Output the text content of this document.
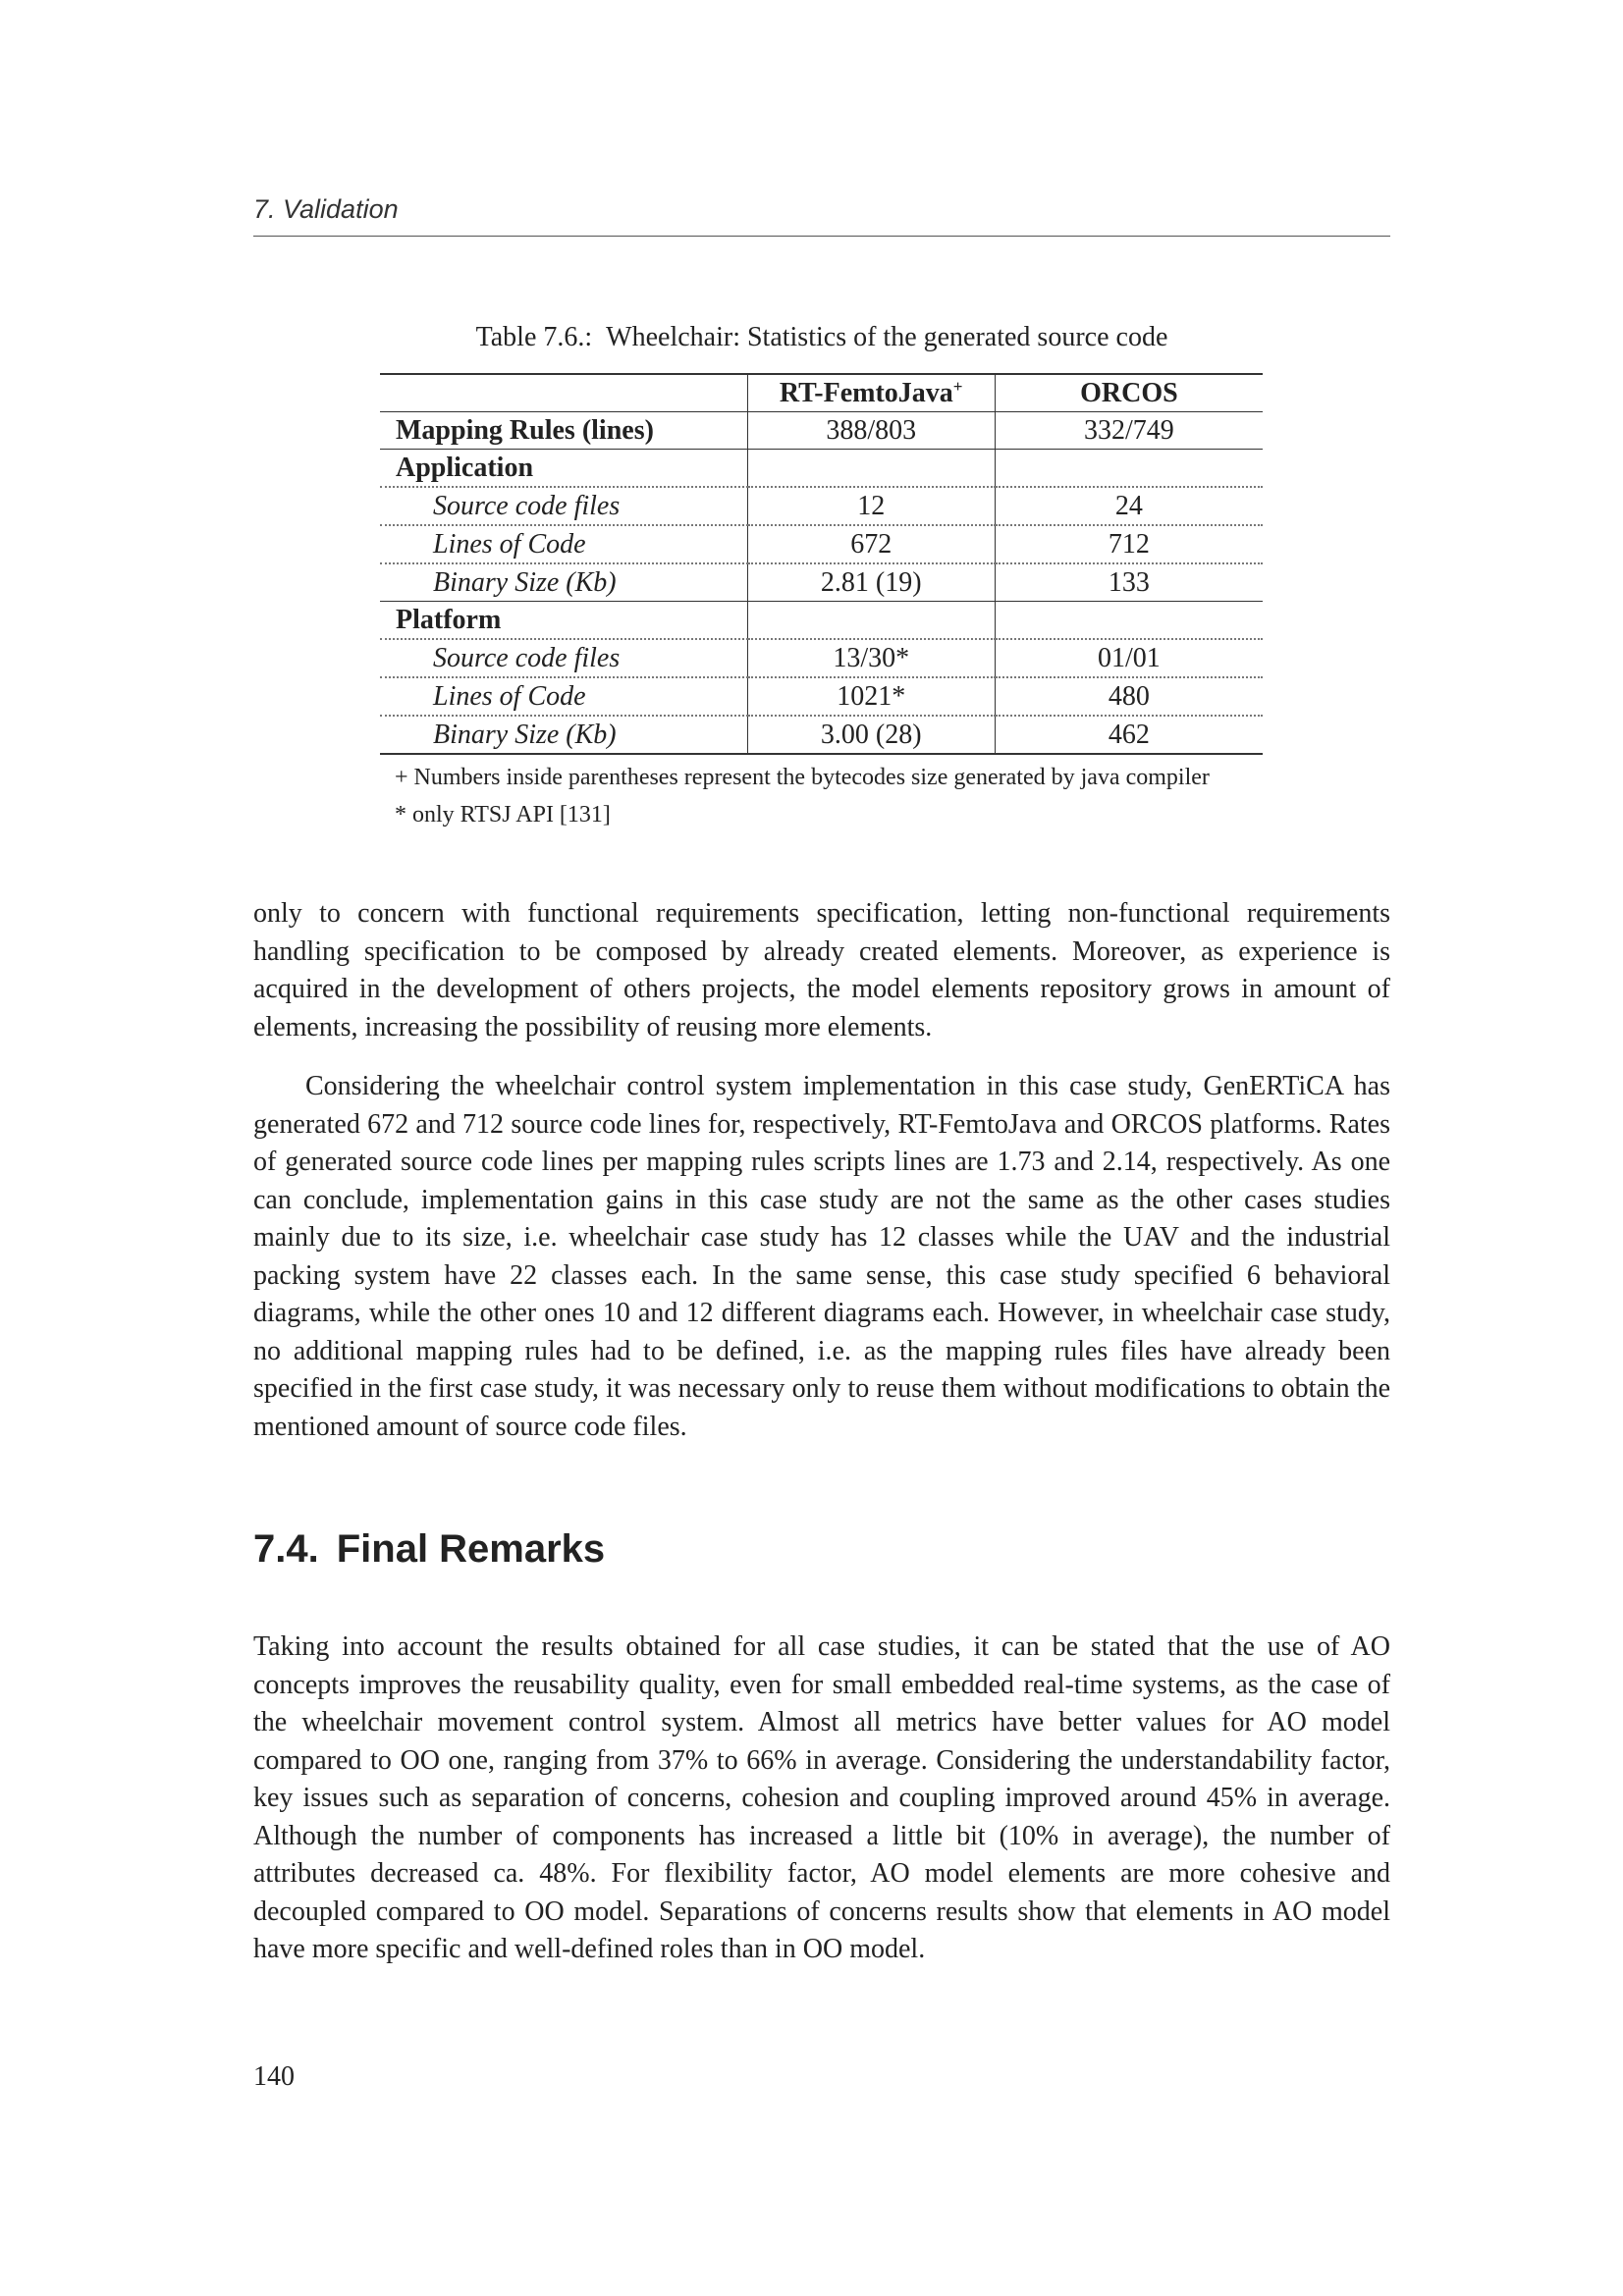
7. Validation
Table 7.6.: Wheelchair: Statistics of the generated source code
	RT-FemtoJava+	ORCOS
Mapping Rules (lines)	388/803	332/749
Application		
Source code files	12	24
Lines of Code	672	712
Binary Size (Kb)	2.81 (19)	133
Platform		
Source code files	13/30*	01/01
Lines of Code	1021*	480
Binary Size (Kb)	3.00 (28)	462
+ Numbers inside parentheses represent the bytecodes size generated by java compiler
* only RTSJ API [131]

only to concern with functional requirements specification, letting non-functional requirements handling specification to be composed by already created elements. Moreover, as experience is acquired in the development of others projects, the model elements repository grows in amount of elements, increasing the possibility of reusing more elements.

Considering the wheelchair control system implementation in this case study, GenERTiCA has generated 672 and 712 source code lines for, respectively, RT-FemtoJava and ORCOS platforms. Rates of generated source code lines per mapping rules scripts lines are 1.73 and 2.14, respectively. As one can conclude, implementation gains in this case study are not the same as the other cases studies mainly due to its size, i.e. wheelchair case study has 12 classes while the UAV and the industrial packing system have 22 classes each. In the same sense, this case study specified 6 behavioral diagrams, while the other ones 10 and 12 different diagrams each. However, in wheelchair case study, no additional mapping rules had to be defined, i.e. as the mapping rules files have already been specified in the first case study, it was necessary only to reuse them without modifications to obtain the mentioned amount of source code files.

7.4. Final Remarks

Taking into account the results obtained for all case studies, it can be stated that the use of AO concepts improves the reusability quality, even for small embedded real-time systems, as the case of the wheelchair movement control system. Almost all metrics have better values for AO model compared to OO one, ranging from 37% to 66% in average. Considering the understandability factor, key issues such as separation of concerns, cohesion and coupling improved around 45% in average. Although the number of components has increased a little bit (10% in average), the number of attributes decreased ca. 48%. For flexibility factor, AO model elements are more cohesive and decoupled compared to OO model. Separations of concerns results show that elements in AO model have more specific and well-defined roles than in OO model.

140
